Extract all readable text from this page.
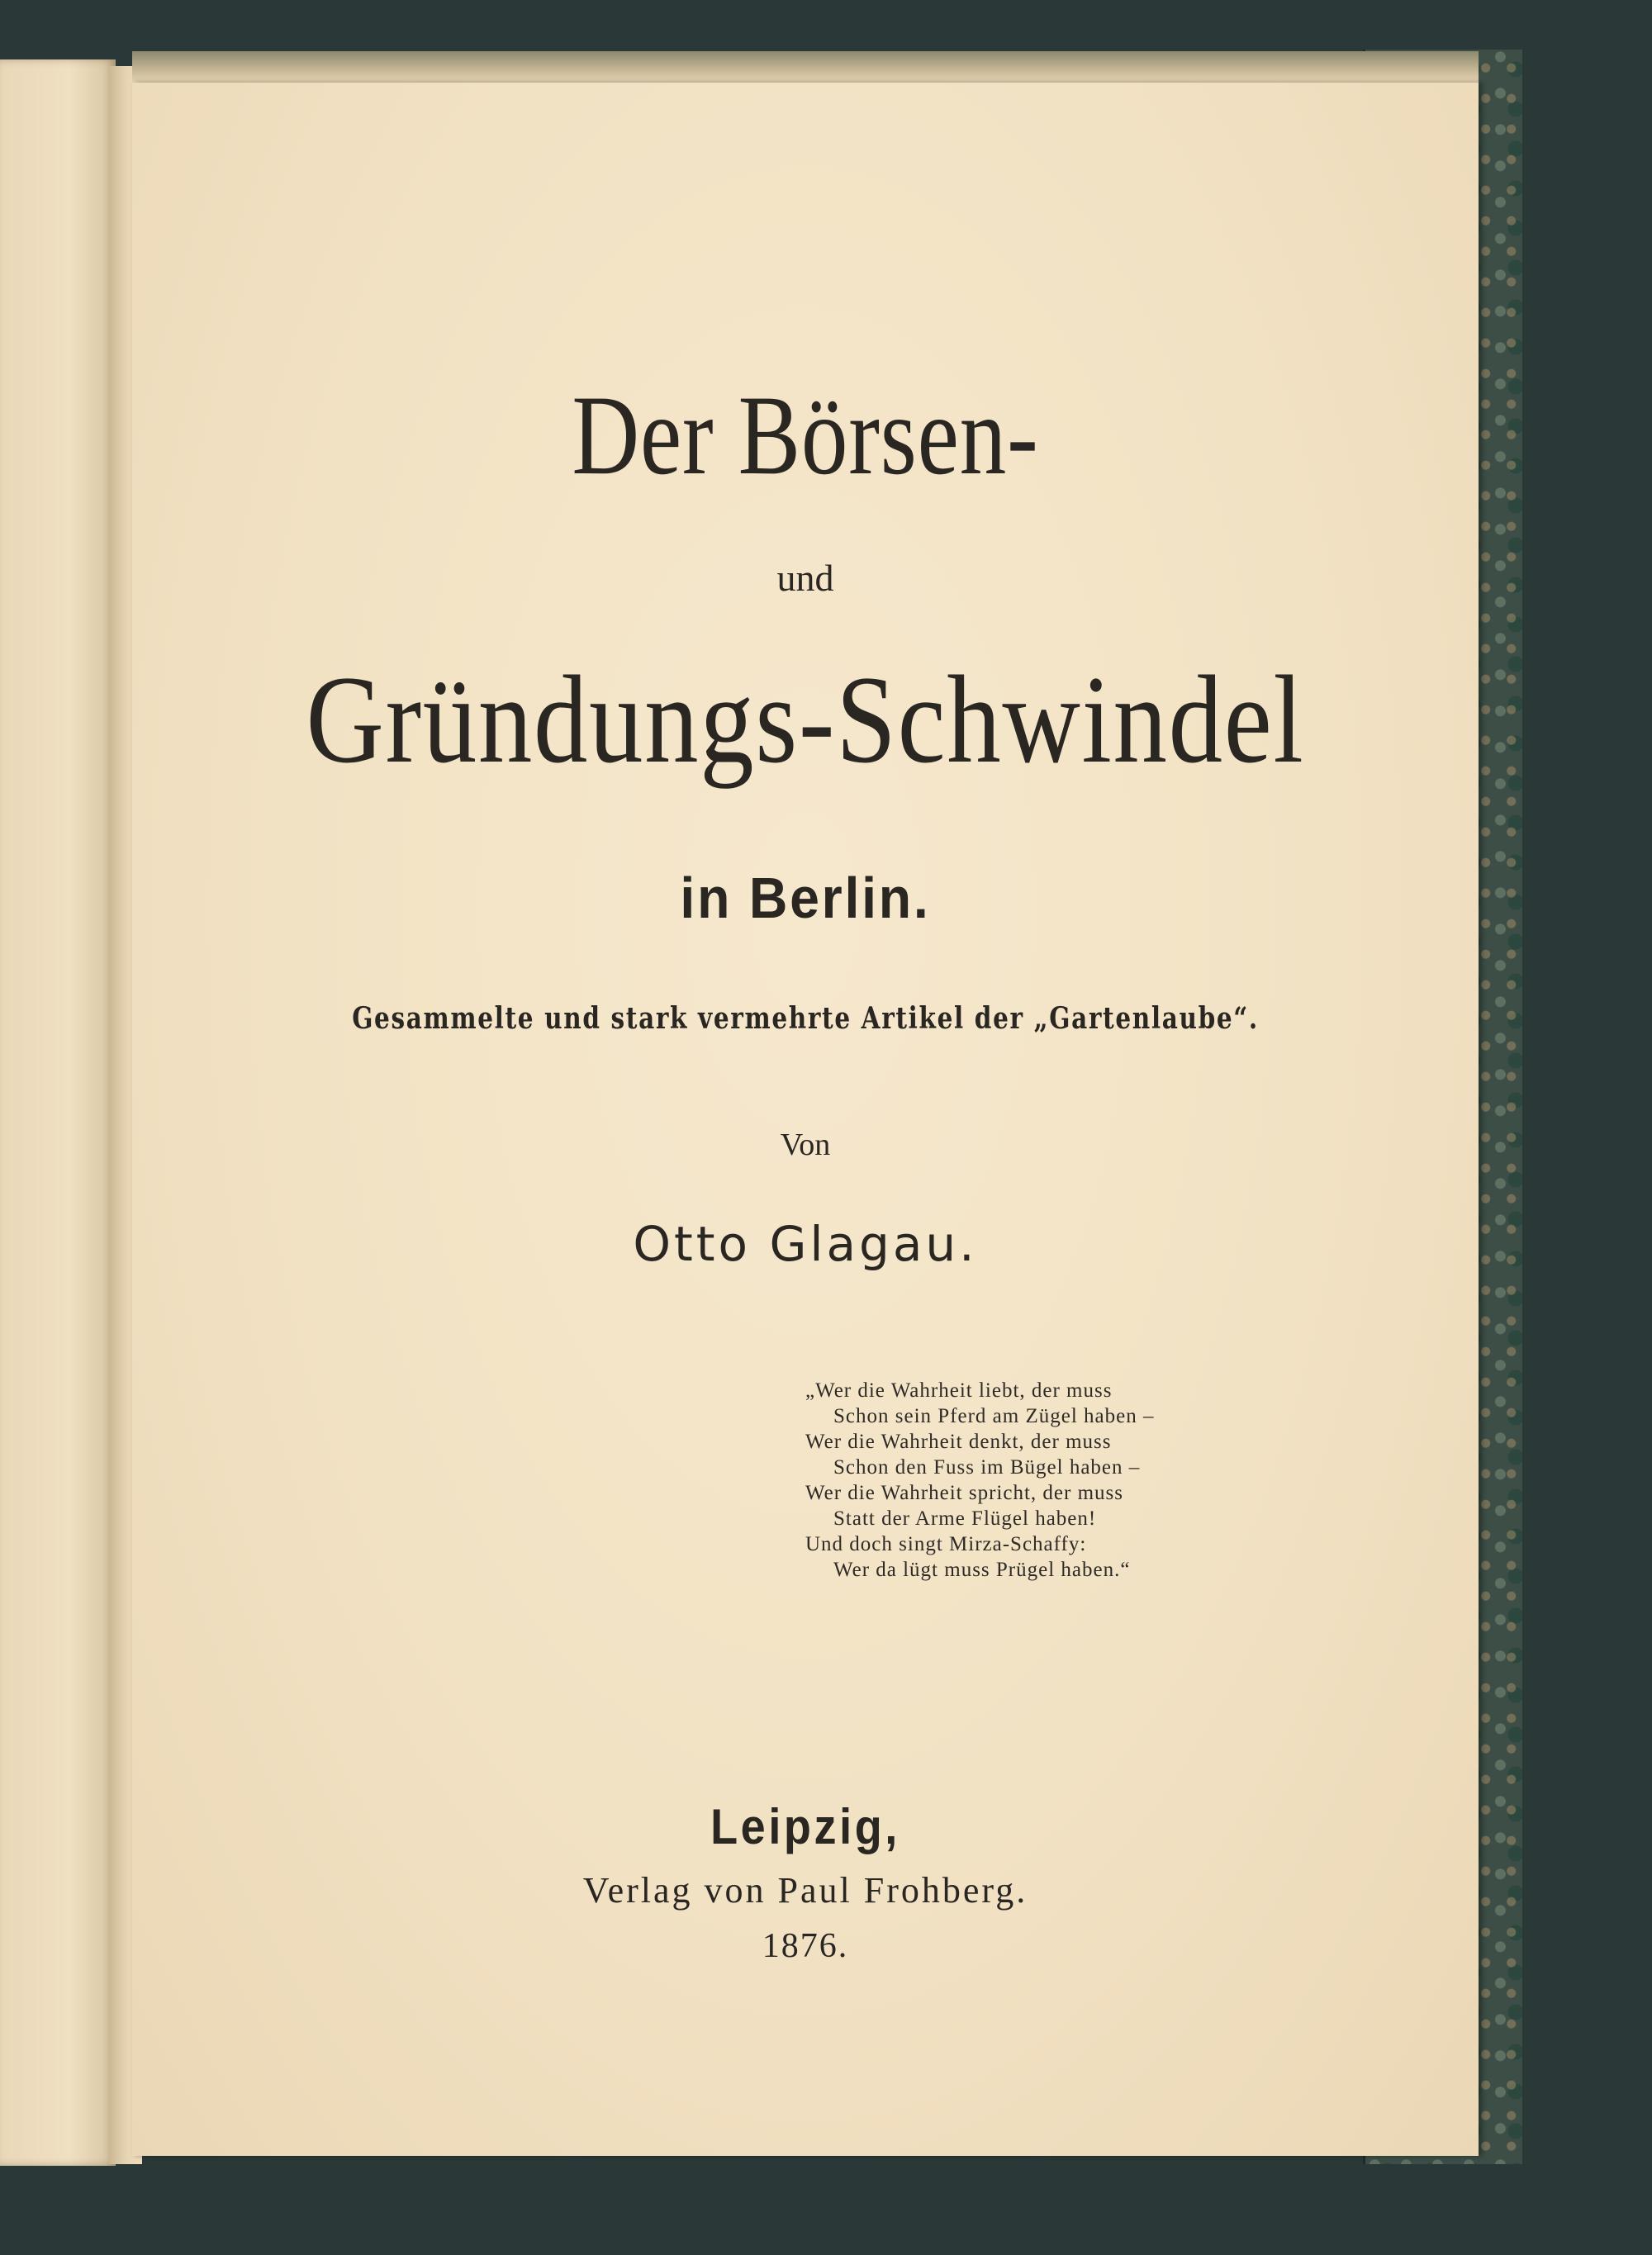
Der Börsen-
und
Gründungs-Schwindel
in Berlin.
Gesammelte und stark vermehrte Artikel der „Gartenlaube“.
Von
Otto Glagau.
„Wer die Wahrheit liebt, der muss
Schon sein Pferd am Zügel haben –
Wer die Wahrheit denkt, der muss
Schon den Fuss im Bügel haben –
Wer die Wahrheit spricht, der muss
Statt der Arme Flügel haben!
Und doch singt Mirza-Schaffy:
Wer da lügt muss Prügel haben.“
Leipzig,
Verlag von Paul Frohberg.
1876.
